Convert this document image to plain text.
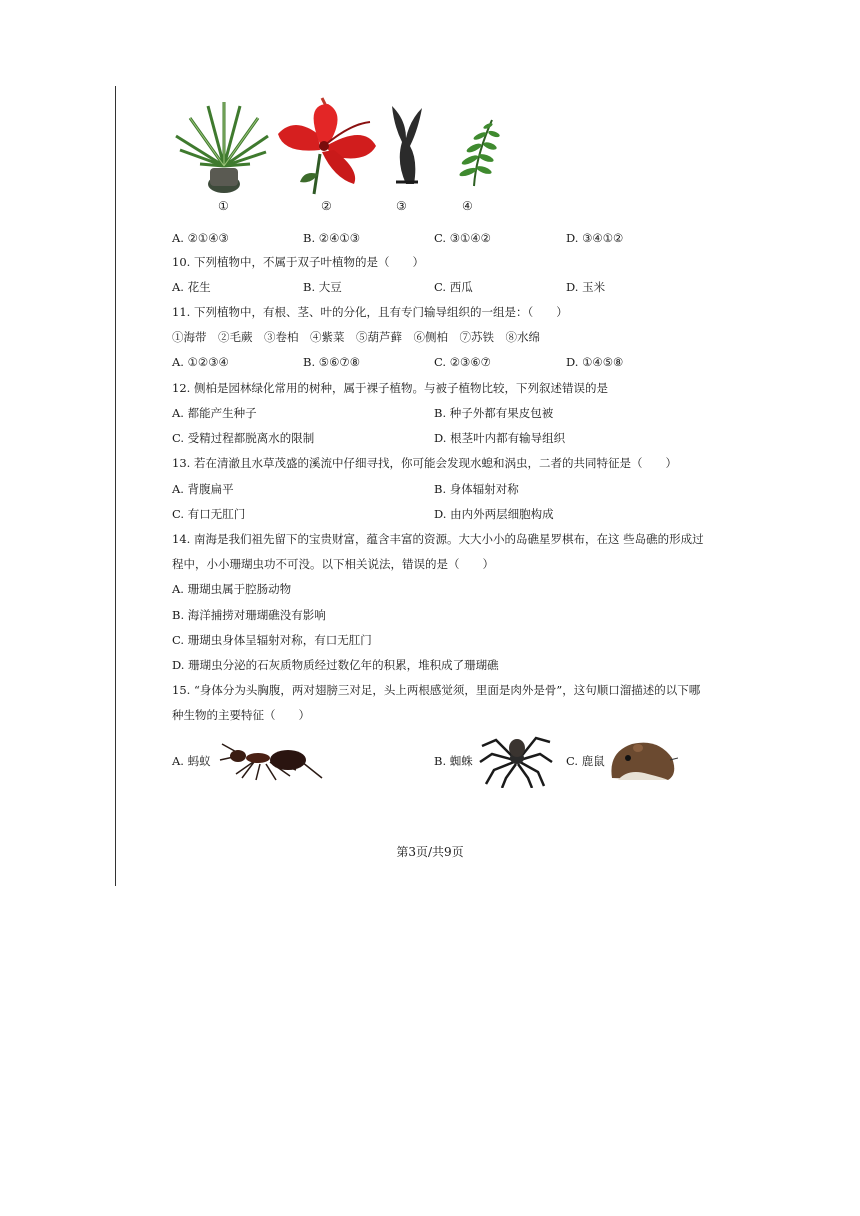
①	②	③	④
A. ②①④③	B. ②④①③	C. ③①④②	D. ③④①②
10. 下列植物中，不属于双子叶植物的是（　　）
A. 花生	B. 大豆	C. 西瓜	D. 玉米
11. 下列植物中，有根、茎、叶的分化，且有专门输导组织的一组是：（　　）
①海带　②毛蕨　③卷柏　④紫菜　⑤葫芦藓　⑥侧柏　⑦苏铁　⑧水绵
A. ①②③④	B. ⑤⑥⑦⑧	C. ②③⑥⑦	D. ①④⑤⑧
12. 侧柏是园林绿化常用的树种，属于裸子植物。与被子植物比较，下列叙述错误的是
A. 都能产生种子	B. 种子外都有果皮包被
C. 受精过程都脱离水的限制	D. 根茎叶内都有输导组织
13. 若在清澈且水草茂盛的溪流中仔细寻找，你可能会发现水螅和涡虫，二者的共同特征是（　　）
A. 背腹扁平	B. 身体辐射对称
C. 有口无肛门	D. 由内外两层细胞构成
14. 南海是我们祖先留下的宝贵财富，蕴含丰富的资源。大大小小的岛礁星罗棋布，在这 些岛礁的形成过
程中，小小珊瑚虫功不可没。以下相关说法，错误的是（　　）
A. 珊瑚虫属于腔肠动物
B. 海洋捕捞对珊瑚礁没有影响
C. 珊瑚虫身体呈辐射对称，有口无肛门
D. 珊瑚虫分泌的石灰质物质经过数亿年的积累，堆积成了珊瑚礁
15. “身体分为头胸腹，两对翅膀三对足，头上两根感觉须，里面是肉外是骨”，这句顺口溜描述的以下哪
种生物的主要特征（　　）
A. 蚂蚁	B. 蜘蛛	C. 鹿鼠
第3页/共9页
